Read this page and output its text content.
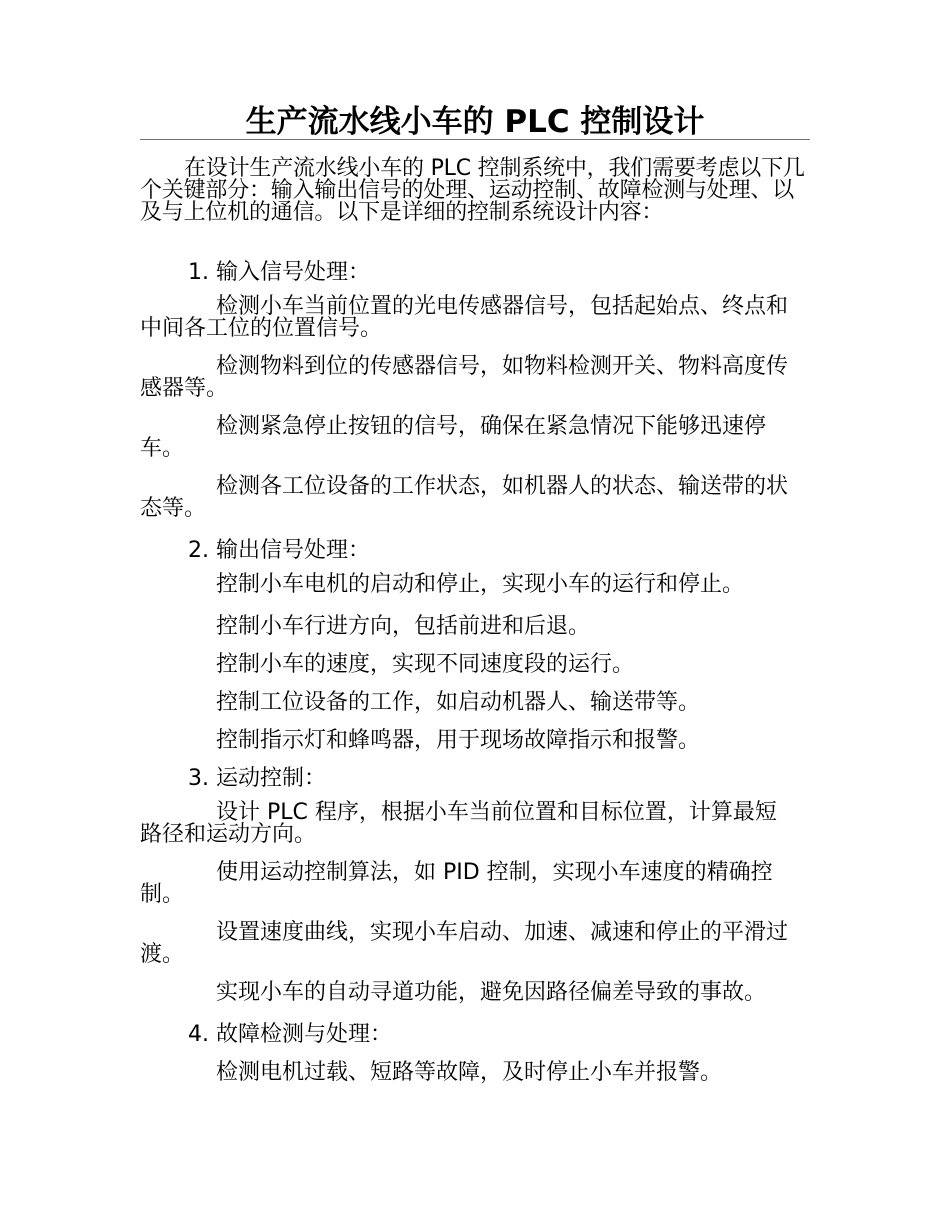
生产流水线小车的 PLC 控制设计
在设计生产流水线小车的 PLC 控制系统中，我们需要考虑以下几个关键部分：输入输出信号的处理、运动控制、故障检测与处理、以及与上位机的通信。以下是详细的控制系统设计内容：
1. 输入信号处理：
检测小车当前位置的光电传感器信号，包括起始点、终点和中间各工位的位置信号。
检测物料到位的传感器信号，如物料检测开关、物料高度传感器等。
检测紧急停止按钮的信号，确保在紧急情况下能够迅速停车。
检测各工位设备的工作状态，如机器人的状态、输送带的状态等。
2. 输出信号处理：
控制小车电机的启动和停止，实现小车的运行和停止。
控制小车行进方向，包括前进和后退。
控制小车的速度，实现不同速度段的运行。
控制工位设备的工作，如启动机器人、输送带等。
控制指示灯和蜂鸣器，用于现场故障指示和报警。
3. 运动控制：
设计 PLC 程序，根据小车当前位置和目标位置，计算最短路径和运动方向。
使用运动控制算法，如 PID 控制，实现小车速度的精确控制。
设置速度曲线，实现小车启动、加速、减速和停止的平滑过渡。
实现小车的自动寻道功能，避免因路径偏差导致的事故。
4. 故障检测与处理：
检测电机过载、短路等故障，及时停止小车并报警。
